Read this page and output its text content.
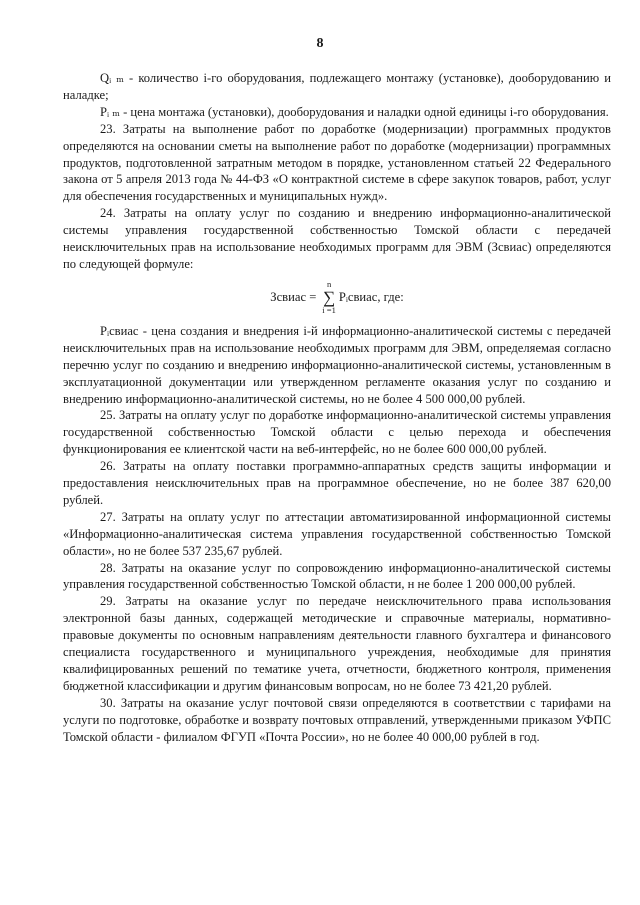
8

Qᵢ ₘ - количество i-го оборудования, подлежащего монтажу (установке), дооборудованию и наладке;

Pᵢ ₘ - цена монтажа (установки), дооборудования и наладки одной единицы i-го оборудования.

23. Затраты на выполнение работ по доработке (модернизации) программных продуктов определяются на основании сметы на выполнение работ по доработке (модернизации) программных продуктов, подготовленной затратным методом в порядке, установленном статьей 22 Федерального закона от 5 апреля 2013 года № 44-ФЗ «О контрактной системе в сфере закупок товаров, работ, услуг для обеспечения государственных и муниципальных нужд».

24. Затраты на оплату услуг по созданию и внедрению информационно-аналитической системы управления государственной собственностью Томской области с передачей неисключительных прав на использование необходимых программ для ЭВМ (Зсвиас) определяются по следующей формуле:

Зсвиас =
n
∑
i =1
Pᵢсвиас,
где:

Pᵢсвиас - цена создания и внедрения i-й информационно-аналитической системы с передачей неисключительных прав на использование необходимых программ для ЭВМ, определяемая согласно перечню услуг по созданию и внедрению информационно-аналитической системы, установленным в эксплуатационной документации или утвержденном регламенте оказания услуг по созданию и внедрению информационно-аналитической системы, но не более 4 500 000,00 рублей.

25. Затраты на оплату услуг по доработке информационно-аналитической системы управления государственной собственностью Томской области с целью перехода и обеспечения функционирования ее клиентской части на веб-интерфейс, но не более 600 000,00 рублей.

26. Затраты на оплату поставки программно-аппаратных средств защиты информации и предоставления неисключительных прав на программное обеспечение, но не более 387 620,00 рублей.

27. Затраты на оплату услуг по аттестации автоматизированной информационной системы «Информационно-аналитическая система управления государственной собственностью Томской области», но не более 537 235,67 рублей.

28. Затраты на оказание услуг по сопровождению информационно-аналитической системы управления государственной собственностью Томской области, н не более 1 200 000,00 рублей.

29. Затраты на оказание услуг по передаче неисключительного права использования электронной базы данных, содержащей методические и справочные материалы, нормативно-правовые документы по основным направлениям деятельности главного бухгалтера и финансового специалиста государственного и муниципального учреждения, необходимые для принятия квалифицированных решений по тематике учета, отчетности, бюджетного контроля, применения бюджетной классификации и другим финансовым вопросам, но не более 73 421,20 рублей.

30. Затраты на оказание услуг почтовой связи определяются в соответствии с тарифами на услуги по подготовке, обработке и возврату почтовых отправлений, утвержденными приказом УФПС Томской области - филиалом ФГУП «Почта России», но не более 40 000,00 рублей в год.
